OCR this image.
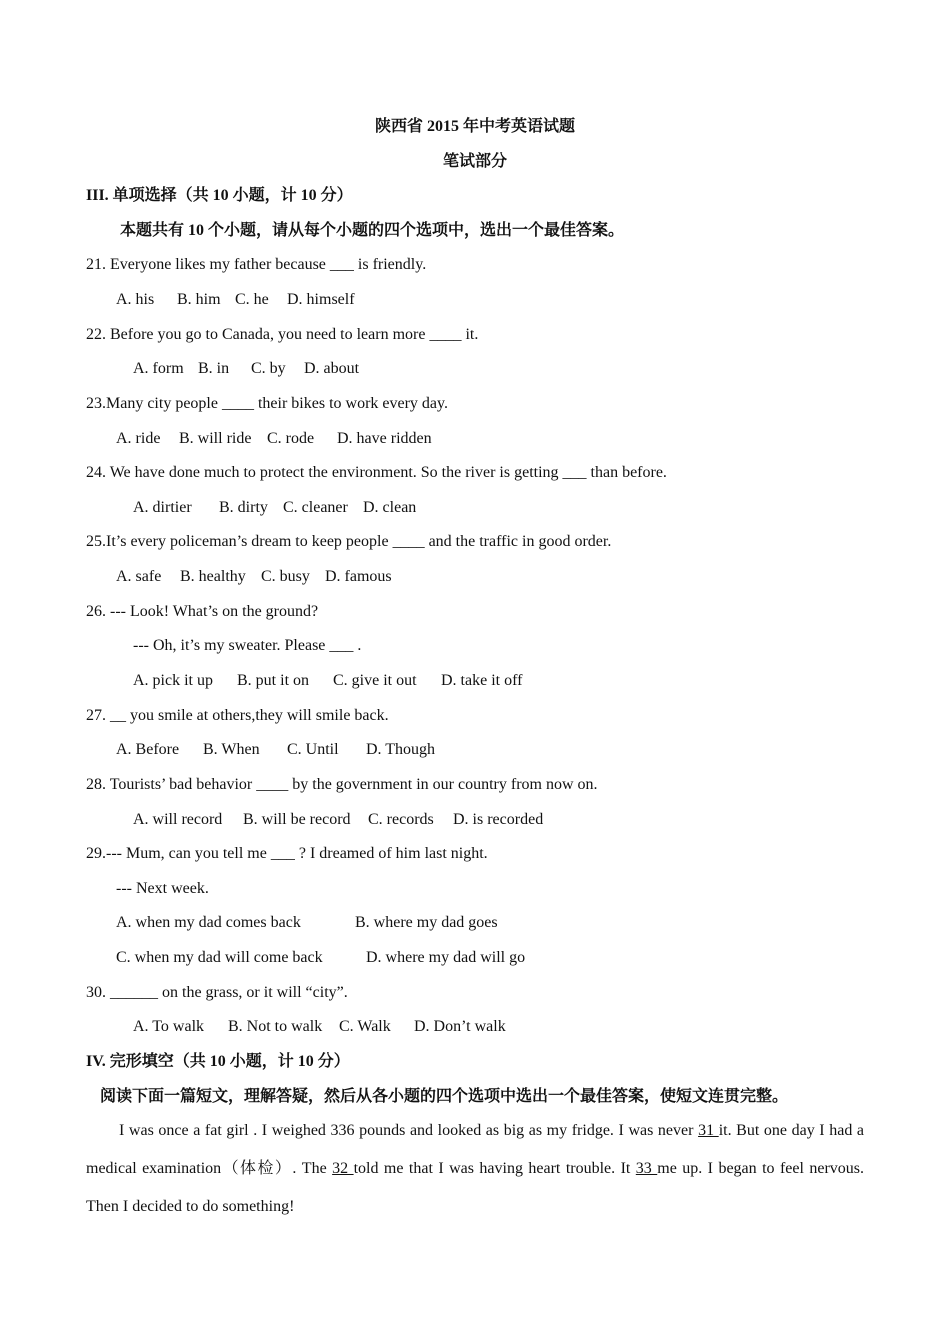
陕西省 2015 年中考英语试题
笔试部分
III. 单项选择（共 10 小题，计 10 分）
本题共有 10 个小题，请从每个小题的四个选项中，选出一个最佳答案。
21. Everyone likes my father because ___ is friendly.
A. his B. him C. he D. himself
22. Before you go to Canada, you need to learn more ____ it.
A. form B. in C. by D. about
23.Many city people ____ their bikes to work every day.
A. ride B. will ride C. rode D. have ridden
24. We have done much to protect the environment. So the river is getting ___ than before.
A. dirtier B. dirty C. cleaner D. clean
25.It’s every policeman’s dream to keep people ____ and the traffic in good order.
A. safe B. healthy C. busy D. famous
26. --- Look! What’s on the ground?
--- Oh, it’s my sweater. Please ___ .
A. pick it up B. put it on C. give it out D. take it off
27. __ you smile at others,they will smile back.
A. Before B. When C. Until D. Though
28. Tourists’ bad behavior ____ by the government in our country from now on.
A. will record B. will be record C. records D. is recorded
29.--- Mum, can you tell me ___ ? I dreamed of him last night.
--- Next week.
A. when my dad comes back	B. where my dad goes
C. when my dad will come back	D. where my dad will go
30. ______ on the grass, or it will “city”.
A. To walk B. Not to walk C. Walk D. Don’t walk
IV. 完形填空（共 10 小题，计 10 分）
阅读下面一篇短文，理解答疑，然后从各小题的四个选项中选出一个最佳答案，使短文连贯完整。
I was once a fat girl . I weighed 336 pounds and looked as big as my fridge. I was never 31 it. But one day I had a medical examination（体检）. The 32 told me that I was having heart trouble. It 33 me up. I began to feel nervous. Then I decided to do something!
